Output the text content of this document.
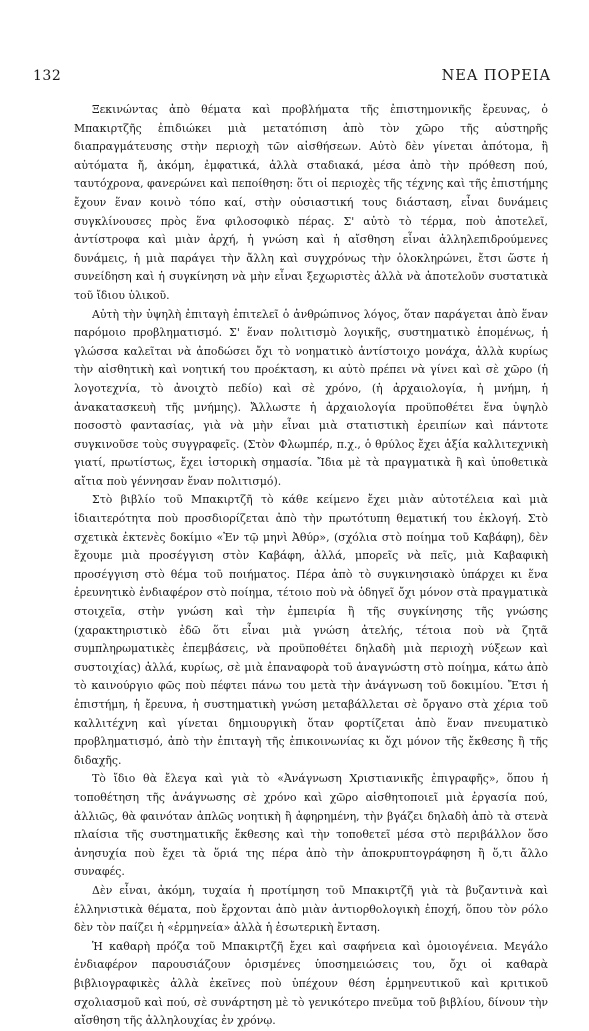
132	ΝΕΑ ΠΟΡΕΙΑ

Ξεκινώντας ἀπὸ θέματα καὶ προβλήματα τῆς ἐπιστημονικῆς ἔρευνας, ὁ Μπακιρτζῆς ἐπιδιώκει μιὰ μετατόπιση ἀπὸ τὸν χῶρο τῆς αὐστηρῆς διαπραγμάτευσης στὴν περιοχὴ τῶν αἰσθήσεων. Αὐτὸ δὲν γίνεται ἀπότομα, ἢ αὐτόματα ἤ, ἀκόμη, ἐμφατικά, ἀλλὰ σταδιακά, μέσα ἀπὸ τὴν πρόθεση πού, ταυτόχρονα, φανερώνει καὶ πεποίθηση: ὅτι οἱ περιοχὲς τῆς τέχνης καὶ τῆς ἐπιστήμης ἔχουν ἕναν κοινὸ τόπο καί, στὴν οὐσιαστική τους διάσταση, εἶναι δυνάμεις συγκλίνουσες πρὸς ἕνα φιλοσοφικὸ πέρας. Σ' αὐτὸ τὸ τέρμα, ποὺ ἀποτελεῖ, ἀντίστροφα καὶ μιὰν ἀρχή, ἡ γνώση καὶ ἡ αἴσθηση εἶναι ἀλληλεπιδρούμενες δυνάμεις, ἡ μιὰ παράγει τὴν ἄλλη καὶ συγχρόνως τὴν ὁλοκληρώνει, ἔτσι ὥστε ἡ συνείδηση καὶ ἡ συγκίνηση νὰ μὴν εἶναι ξεχωριστὲς ἀλλὰ νὰ ἀποτελοῦν συστατικὰ τοῦ ἴδιου ὑλικοῦ.

Αὐτὴ τὴν ὑψηλὴ ἐπιταγὴ ἐπιτελεῖ ὁ ἀνθρώπινος λόγος, ὅταν παράγεται ἀπὸ ἕναν παρόμοιο προβληματισμό. Σ' ἕναν πολιτισμὸ λογικῆς, συστηματικὸ ἑπομένως, ἡ γλώσσα καλεῖται νὰ ἀποδώσει ὄχι τὸ νοηματικὸ ἀντίστοιχο μονάχα, ἀλλὰ κυρίως τὴν αἰσθητικὴ καὶ νοητική του προέκταση, κι αὐτὸ πρέπει νὰ γίνει καὶ σὲ χῶρο (ἡ λογοτεχνία, τὸ ἀνοιχτὸ πεδίο) καὶ σὲ χρόνο, (ἡ ἀρχαιολογία, ἡ μνήμη, ἡ ἀνακατασκευὴ τῆς μνήμης). Ἄλλωστε ἡ ἀρχαιολογία προϋποθέτει ἕνα ὑψηλὸ ποσοστὸ φαντασίας, γιὰ νὰ μὴν εἶναι μιὰ στατιστικὴ ἐρειπίων καὶ πάντοτε συγκινοῦσε τοὺς συγγραφεῖς. (Στὸν Φλωμπέρ, π.χ., ὁ θρύλος ἔχει ἀξία καλλιτεχνικὴ γιατί, πρωτίστως, ἔχει ἱστορικὴ σημασία. Ἴδια μὲ τὰ πραγματικὰ ἢ καὶ ὑποθετικὰ αἴτια ποὺ γέννησαν ἕναν πολιτισμό).

Στὸ βιβλίο τοῦ Μπακιρτζῆ τὸ κάθε κείμενο ἔχει μιὰν αὐτοτέλεια καὶ μιὰ ἰδιαιτερότητα ποὺ προσδιορίζεται ἀπὸ τὴν πρωτότυπη θεματική του ἐκλογή. Στὸ σχετικὰ ἐκτενὲς δοκίμιο «Ἐν τῷ μηνὶ Ἀθύρ», (σχόλια στὸ ποίημα τοῦ Καβάφη), δὲν ἔχουμε μιὰ προσέγγιση στὸν Καβάφη, ἀλλά, μπορεῖς νὰ πεῖς, μιὰ Καβαφικὴ προσέγγιση στὸ θέμα τοῦ ποιήματος. Πέρα ἀπὸ τὸ συγκινησιακὸ ὑπάρχει κι ἕνα ἐρευνητικὸ ἐνδιαφέρον στὸ ποίημα, τέτοιο ποὺ νὰ ὁδηγεῖ ὄχι μόνον στὰ πραγματικὰ στοιχεῖα, στὴν γνώση καὶ τὴν ἐμπειρία ἢ τῆς συγκίνησης τῆς γνώσης (χαρακτηριστικὸ ἐδῶ ὅτι εἶναι μιὰ γνώση ἀτελής, τέτοια ποὺ νὰ ζητᾶ συμπληρωματικὲς ἐπεμβάσεις, νὰ προϋποθέτει δηλαδὴ μιὰ περιοχὴ νύξεων καὶ συστοιχίας) ἀλλά, κυρίως, σὲ μιὰ ἐπαναφορὰ τοῦ ἀναγνώστη στὸ ποίημα, κάτω ἀπὸ τὸ καινούργιο φῶς ποὺ πέφτει πάνω του μετὰ τὴν ἀνάγνωση τοῦ δοκιμίου. Ἔτσι ἡ ἐπιστήμη, ἡ ἔρευνα, ἡ συστηματικὴ γνώση μεταβάλλεται σὲ ὄργανο στὰ χέρια τοῦ καλλιτέχνη καὶ γίνεται δημιουργικὴ ὅταν φορτίζεται ἀπὸ ἕναν πνευματικὸ προβληματισμό, ἀπὸ τὴν ἐπιταγὴ τῆς ἐπικοινωνίας κι ὄχι μόνον τῆς ἔκθεσης ἢ τῆς διδαχῆς.

Τὸ ἴδιο θὰ ἔλεγα καὶ γιὰ τὸ «Ἀνάγνωση Χριστιανικῆς ἐπιγραφῆς», ὅπου ἡ τοποθέτηση τῆς ἀνάγνωσης σὲ χρόνο καὶ χῶρο αἰσθητοποιεῖ μιὰ ἐργασία πού, ἀλλιῶς, θὰ φαινόταν ἁπλῶς νοητικὴ ἢ ἀφηρημένη, τὴν βγάζει δηλαδὴ ἀπὸ τὰ στενὰ πλαίσια τῆς συστηματικῆς ἔκθεσης καὶ τὴν τοποθετεῖ μέσα στὸ περιβάλλον ὅσο ἀνησυχία ποὺ ἔχει τὰ ὅριά της πέρα ἀπὸ τὴν ἀποκρυπτογράφηση ἢ ὅ,τι ἄλλο συναφές.

Δὲν εἶναι, ἀκόμη, τυχαία ἡ προτίμηση τοῦ Μπακιρτζῆ γιὰ τὰ βυζαντινὰ καὶ ἑλληνιστικὰ θέματα, ποὺ ἔρχονται ἀπὸ μιὰν ἀντιορθολογικὴ ἐποχή, ὅπου τὸν ρόλο δὲν τὸν παίζει ἡ «ἑρμηνεία» ἀλλὰ ἡ ἐσωτερικὴ ἔνταση.

Ἡ καθαρὴ πρόζα τοῦ Μπακιρτζῆ ἔχει καὶ σαφήνεια καὶ ὁμοιογένεια. Μεγάλο ἐνδιαφέρον παρουσιάζουν ὁρισμένες ὑποσημειώσεις του, ὄχι οἱ καθαρὰ βιβλιογραφικὲς ἀλλὰ ἐκεῖνες ποὺ ὑπέχουν θέση ἑρμηνευτικοῦ καὶ κριτικοῦ σχολιασμοῦ καὶ πού, σὲ συνάρτηση μὲ τὸ γενικότερο πνεῦμα τοῦ βιβλίου, δίνουν τὴν αἴσθηση τῆς ἀλληλουχίας ἐν χρόνῳ.
